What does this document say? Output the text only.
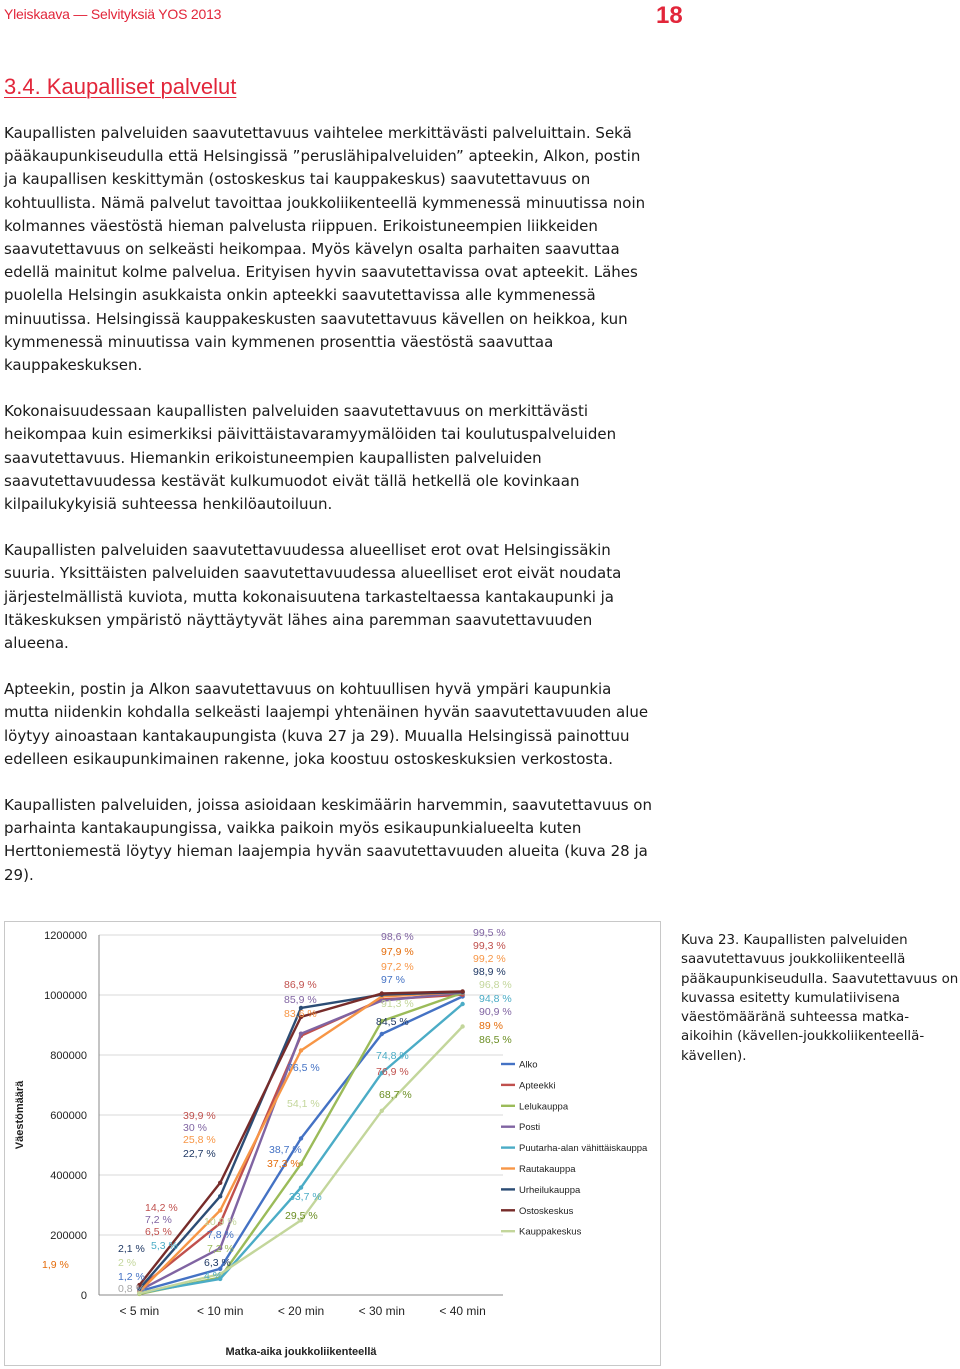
Yleiskaava — Selvityksiä YOS 2013	18
3.4. Kaupalliset palvelut

Kaupallisten palveluiden saavutettavuus vaihtelee merkittävästi palveluittain. Sekä pääkaupunkiseudulla että Helsingissä ”peruslähipalveluiden” apteekin, Alkon, postin ja kaupallisen keskittymän (ostoskeskus tai kauppakeskus) saavutettavuus on kohtuullista. Nämä palvelut tavoittaa joukkoliikenteellä kymmenessä minuutissa noin kolmannes väestöstä hieman palvelusta riippuen. Erikoistuneempien liikkeiden saavutettavuus on selkeästi heikompaa. Myös kävelyn osalta parhaiten saavuttaa edellä mainitut kolme palvelua. Erityisen hyvin saavutettavissa ovat apteekit. Lähes puolella Helsingin asukkaista onkin apteekki saavutettavissa alle kymmenessä minuutissa. Helsingissä kauppakeskusten saavutettavuus kävellen on heikkoa, kun kymmenessä minuutissa vain kymmenen prosenttia väestöstä saavuttaa kauppakeskuksen.

Kokonaisuudessaan kaupallisten palveluiden saavutettavuus on merkittävästi heikompaa kuin esimerkiksi päivittäistavaramyymälöiden tai koulutuspalveluiden saavutettavuus. Hiemankin erikoistuneempien kaupallisten palveluiden saavutettavuudessa kestävät kulkumuodot eivät tällä hetkellä ole kovinkaan kilpailukykyisiä suhteessa henkilöautoiluun.

Kaupallisten palveluiden saavutettavuudessa alueelliset erot ovat Helsingissäkin suuria. Yksittäisten palveluiden saavutettavuudessa alueelliset erot eivät noudata järjestelmällistä kuviota, mutta kokonaisuutena tarkasteltaessa kantakaupunki ja Itäkeskuksen ympäristö näyttäytyvät lähes aina paremman saavutettavuuden alueena.

Apteekin, postin ja Alkon saavutettavuus on kohtuullisen hyvä ympäri kaupunkia mutta niidenkin kohdalla selkeästi laajempi yhtenäinen hyvän saavutettavuuden alue löytyy ainoastaan kantakaupungista (kuva 27 ja 29). Muualla Helsingissä painottuu edelleen esikaupunkimainen rakenne, joka koostuu ostoskeskuksien verkostosta.

Kaupallisten palveluiden, joissa asioidaan keskimäärin harvemmin, saavutettavuus on parhainta kantakaupungissa, vaikka paikoin myös esikaupunkialueelta kuten Herttoniemestä löytyy hieman laajempia hyvän saavutettavuuden alueita (kuva 28 ja 29).

0
200000
400000
600000
800000
1000000
1200000
< 5 min	< 10 min	< 20 min	< 30 min	< 40 min
Matka-aika joukkoliikenteellä
Väestömäärä
Alko
Apteekki
Lelukauppa
Posti
Puutarha-alan vähittäiskauppa
Rautakauppa
Urheilukauppa
Ostoskeskus
Kauppakeskus
1,9 %
2,1 %
2 %
1,2 %
0,8 %
14,2 %
7,2 %
6,5 %
5,3 %
39,9 %
30 %
25,8 %
22,7 %
10,9 %
7,8 %
7,2 %
6,3 %
4 %
86,9 %
85,9 %
83,6 %
76,5 %
54,1 %
38,7 %
37,3 %
33,7 %
29,5 %
98,6 %
97,9 %
97,2 %
97 %
91,3 %
84,5 %
74,8 %
76,9 %
68,7 %
99,5 %
99,3 %
99,2 %
98,9 %
96,8 %
94,8 %
90,9 %
89 %
86,5 %
Kuva 23. Kaupallisten palveluiden saavutettavuus joukkoliikenteellä pääkaupunkiseudulla. Saavutettavuus on kuvassa esitetty kumulatiivisena väestömääränä suhteessa matka-aikoihin (kävellen-joukkoliikenteellä-kävellen).
